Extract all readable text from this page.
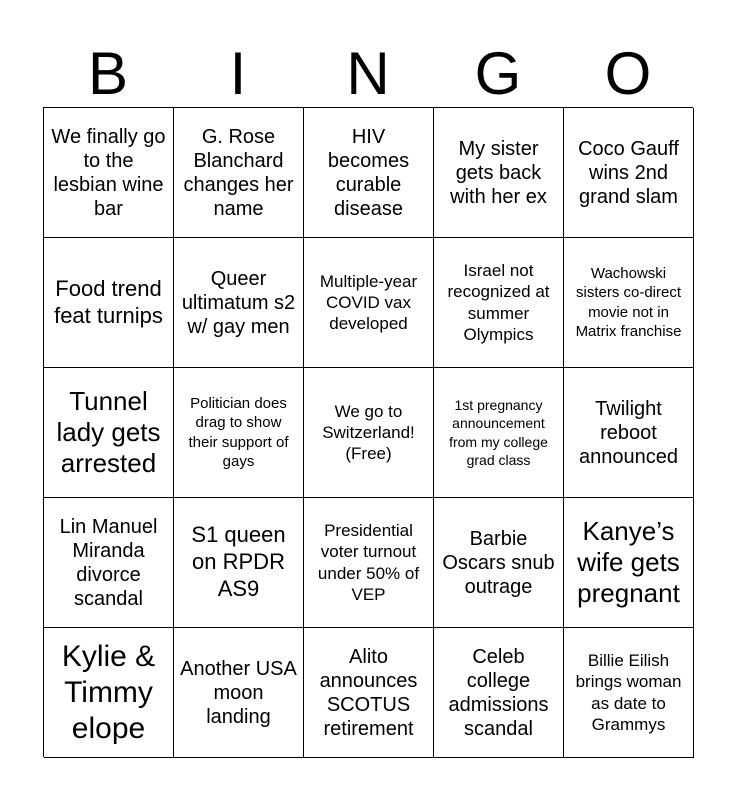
B	I	N	G	O
We finally go to the lesbian wine bar
G. Rose Blanchard changes her name
HIV becomes curable disease
My sister gets back with her ex
Coco Gauff wins 2nd grand slam
Food trend feat turnips
Queer ultimatum s2 w/ gay men
Multiple-year COVID vax developed
Israel not recognized at summer Olympics
Wachowski sisters co-direct movie not in Matrix franchise
Tunnel lady gets arrested
Politician does drag to show their support of gays
We go to Switzerland! (Free)
1st pregnancy announcement from my college grad class
Twilight reboot announced
Lin Manuel Miranda divorce scandal
S1 queen on RPDR AS9
Presidential voter turnout under 50% of VEP
Barbie Oscars snub outrage
Kanye’s wife gets pregnant
Kylie & Timmy elope
Another USA moon landing
Alito announces SCOTUS retirement
Celeb college admissions scandal
Billie Eilish brings woman as date to Grammys
